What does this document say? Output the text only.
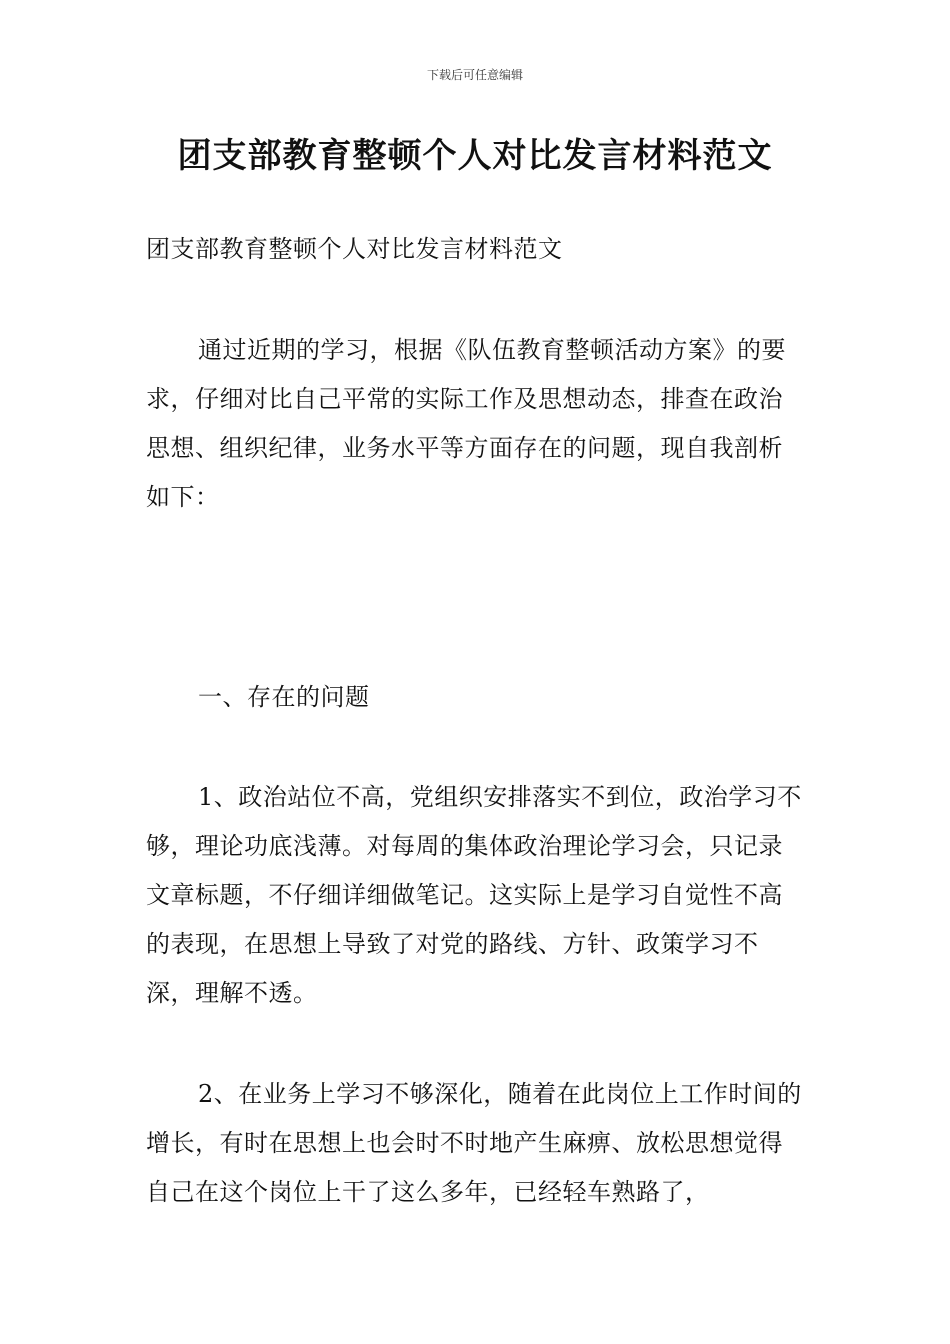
下载后可任意编辑
团支部教育整顿个人对比发言材料范文

团支部教育整顿个人对比发言材料范文

通过近期的学习，根据《队伍教育整顿活动方案》的要求，仔细对比自己平常的实际工作及思想动态，排查在政治思想、组织纪律，业务水平等方面存在的问题，现自我剖析如下：

一、存在的问题

1、政治站位不高，党组织安排落实不到位，政治学习不够，理论功底浅薄。对每周的集体政治理论学习会，只记录文章标题，不仔细详细做笔记。这实际上是学习自觉性不高的表现，在思想上导致了对党的路线、方针、政策学习不深，理解不透。

2、在业务上学习不够深化，随着在此岗位上工作时间的增长，有时在思想上也会时不时地产生麻痹、放松思想觉得自己在这个岗位上干了这么多年，已经轻车熟路了，
